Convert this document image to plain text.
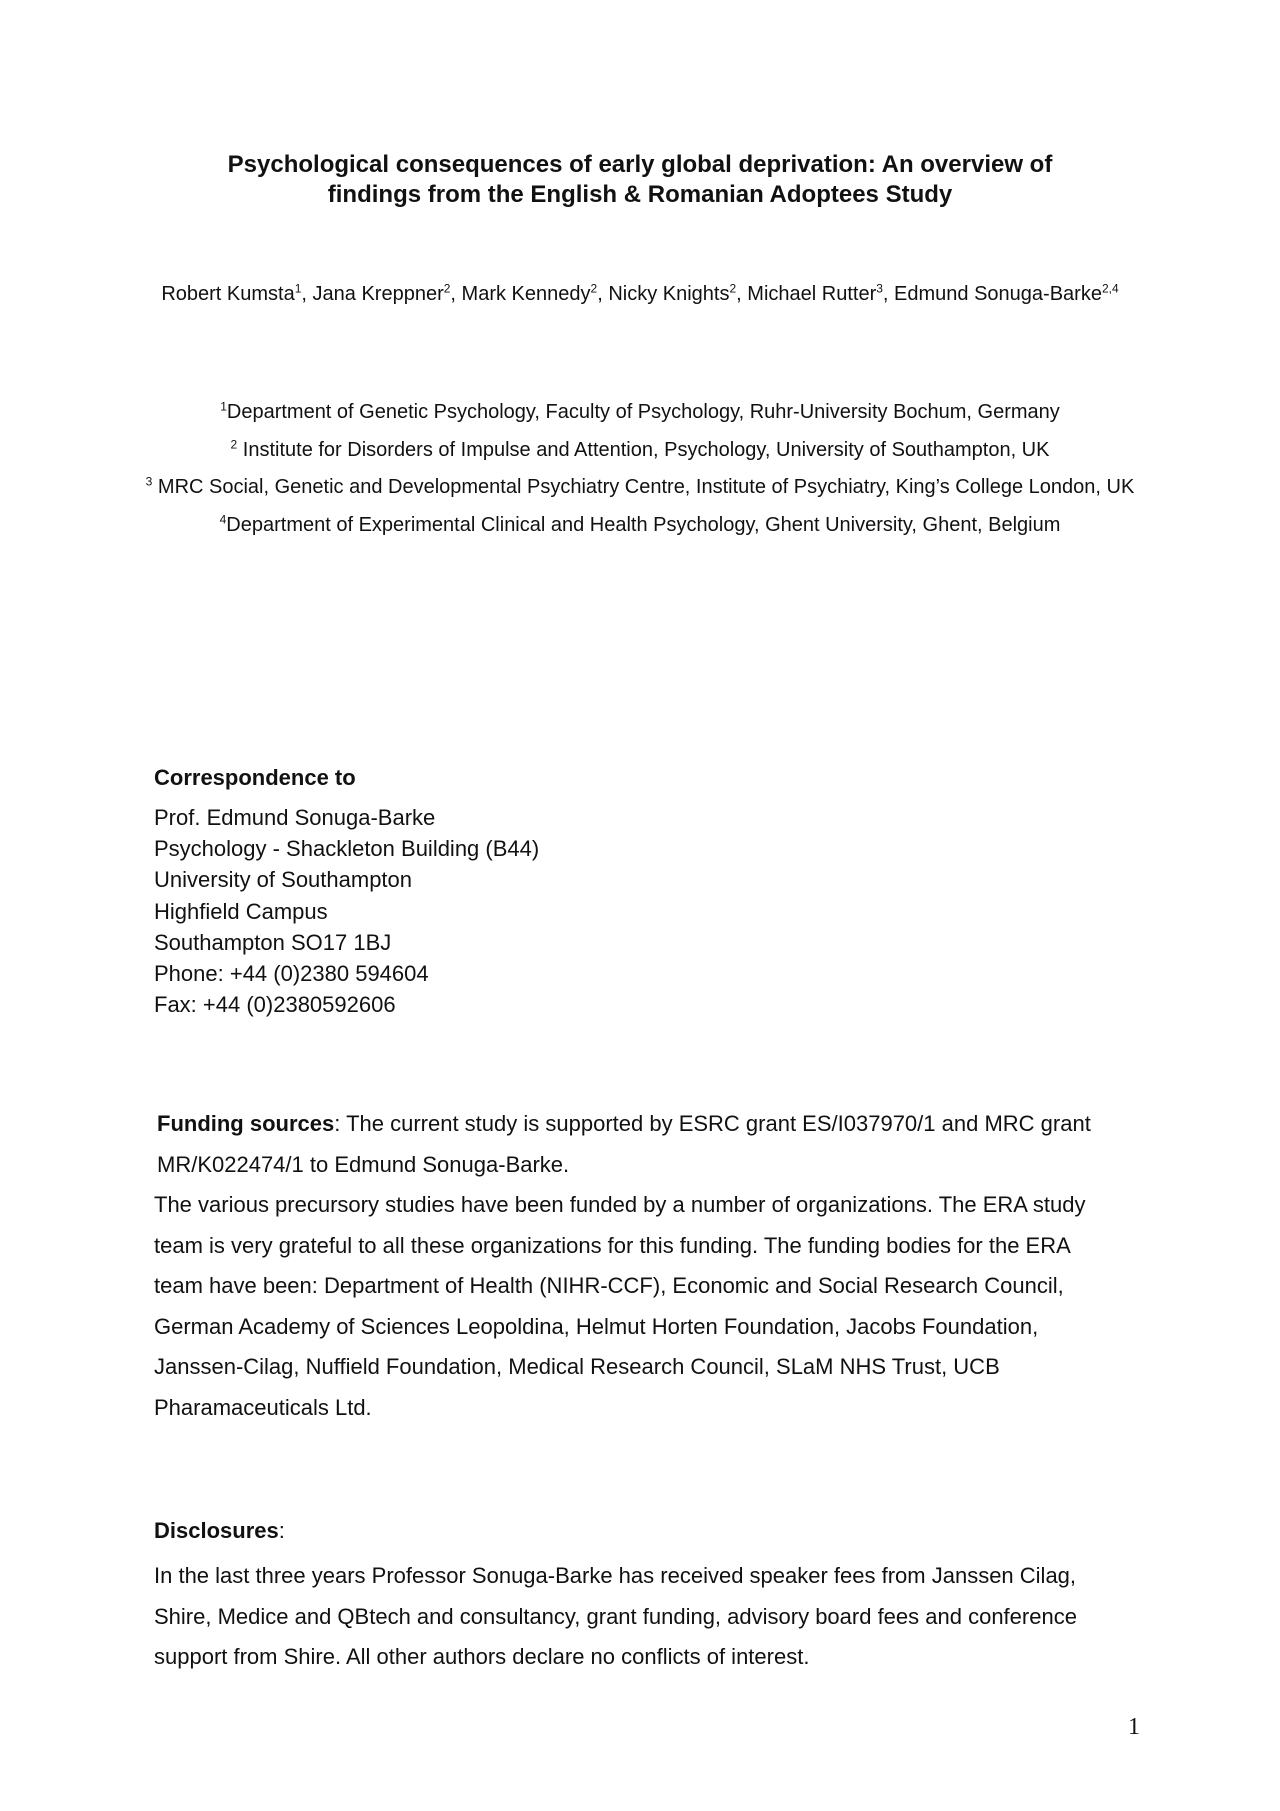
Psychological consequences of early global deprivation: An overview of
findings from the English & Romanian Adoptees Study
Robert Kumsta$^1$, Jana Kreppner$^2$, Mark Kennedy$^2$, Nicky Knights$^2$, Michael Rutter$^3$, Edmund Sonuga-Barke$^{2,4}$
$^1$Department of Genetic Psychology, Faculty of Psychology, Ruhr-University Bochum, Germany
$^2$ Institute for Disorders of Impulse and Attention, Psychology, University of Southampton, UK
$^3$ MRC Social, Genetic and Developmental Psychiatry Centre, Institute of Psychiatry, King’s College London, UK
$^4$Department of Experimental Clinical and Health Psychology, Ghent University, Ghent, Belgium
Correspondence to
Prof. Edmund Sonuga-Barke
Psychology - Shackleton Building (B44)
University of Southampton
Highfield Campus
Southampton SO17 1BJ
Phone: +44 (0)2380 594604
Fax: +44 (0)2380592606
Funding sources: The current study is supported by ESRC grant ES/I037970/1 and MRC grant MR/K022474/1 to Edmund Sonuga-Barke.
The various precursory studies have been funded by a number of organizations. The ERA study team is very grateful to all these organizations for this funding. The funding bodies for the ERA team have been: Department of Health (NIHR-CCF), Economic and Social Research Council, German Academy of Sciences Leopoldina, Helmut Horten Foundation, Jacobs Foundation, Janssen-Cilag, Nuffield Foundation, Medical Research Council, SLaM NHS Trust, UCB Pharamaceuticals Ltd.
Disclosures:
In the last three years Professor Sonuga-Barke has received speaker fees from Janssen Cilag, Shire, Medice and QBtech and consultancy, grant funding, advisory board fees and conference support from Shire. All other authors declare no conflicts of interest.
1
